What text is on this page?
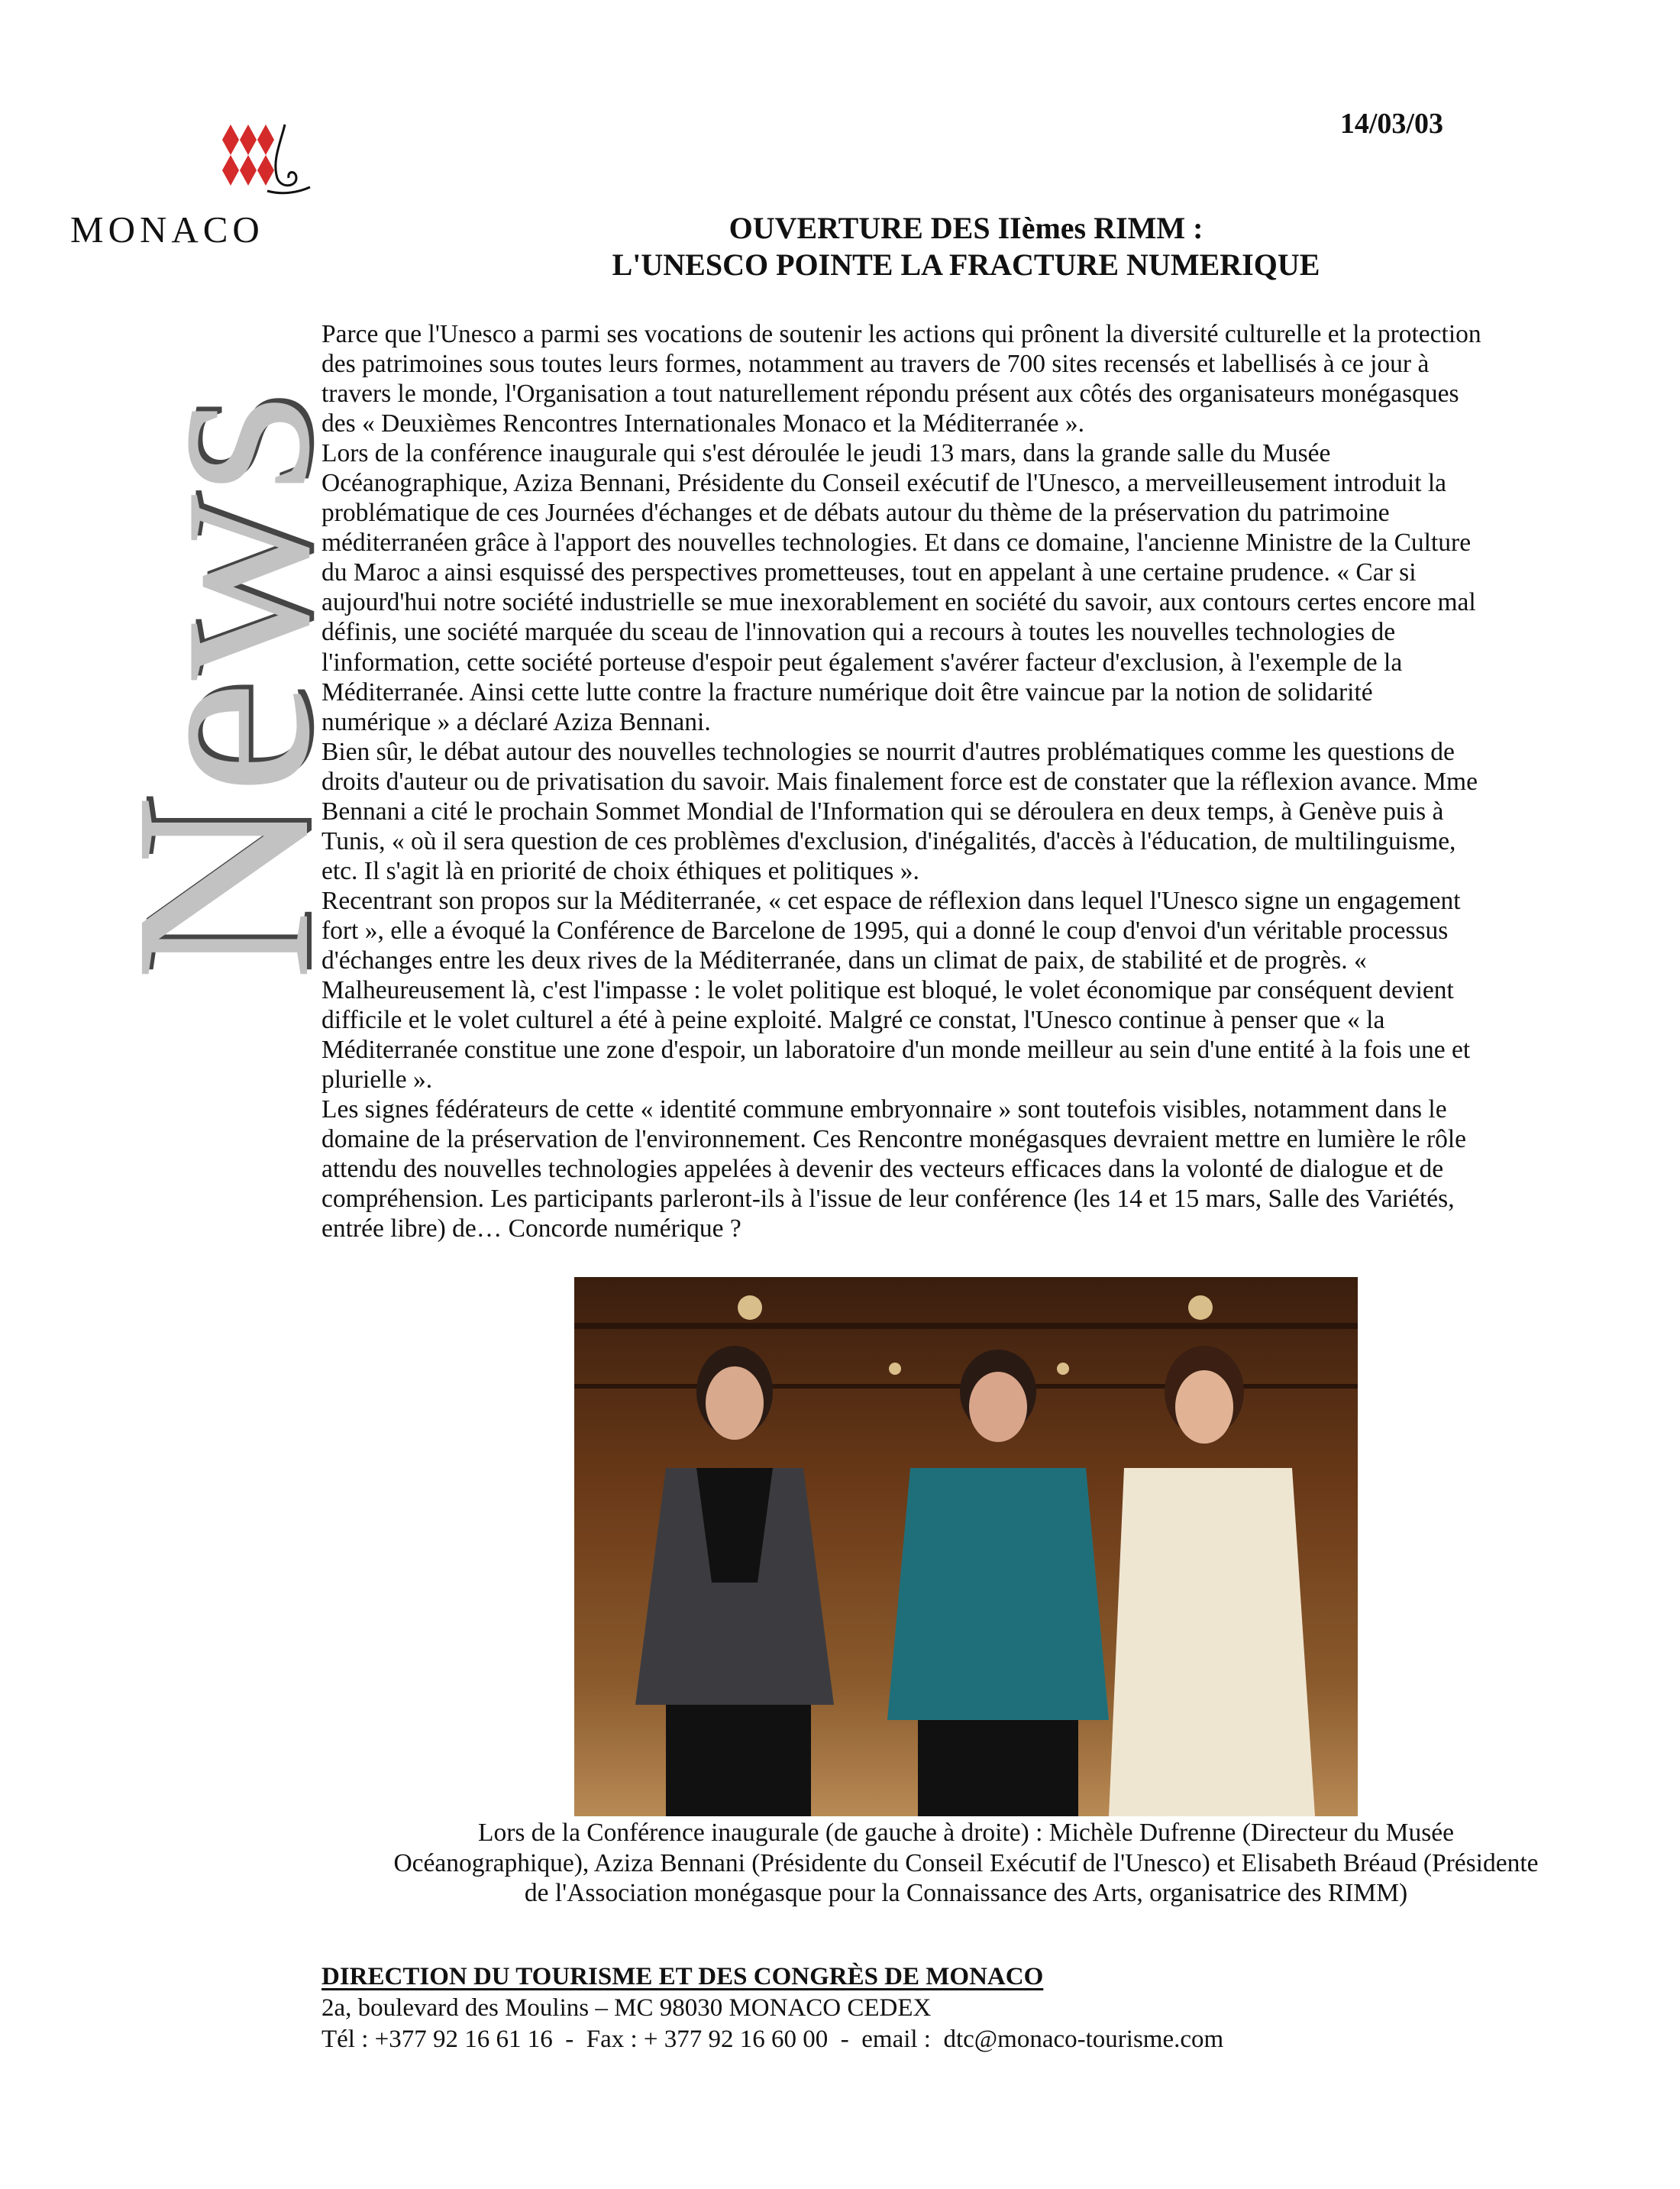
MONACO
14/03/03
News
OUVERTURE DES IIèmes RIMM :
L'UNESCO POINTE LA FRACTURE NUMERIQUE
Parce que l'Unesco a parmi ses vocations de soutenir les actions qui prônent la diversité culturelle et la protection
des patrimoines sous toutes leurs formes, notamment au travers de 700 sites recensés et labellisés à ce jour à
travers le monde, l'Organisation a tout naturellement répondu présent aux côtés des organisateurs monégasques
des « Deuxièmes Rencontres Internationales Monaco et la Méditerranée ».
Lors de la conférence inaugurale qui s'est déroulée le jeudi 13 mars, dans la grande salle du Musée
Océanographique, Aziza Bennani, Présidente du Conseil exécutif de l'Unesco, a merveilleusement introduit la
problématique de ces Journées d'échanges et de débats autour du thème de la préservation du patrimoine
méditerranéen grâce à l'apport des nouvelles technologies. Et dans ce domaine, l'ancienne Ministre de la Culture
du Maroc a ainsi esquissé des perspectives prometteuses, tout en appelant à une certaine prudence. « Car si
aujourd'hui notre société industrielle se mue inexorablement en société du savoir, aux contours certes encore mal
définis, une société marquée du sceau de l'innovation qui a recours à toutes les nouvelles technologies de
l'information, cette société porteuse d'espoir peut également s'avérer facteur d'exclusion, à l'exemple de la
Méditerranée. Ainsi cette lutte contre la fracture numérique doit être vaincue par la notion de solidarité
numérique » a déclaré Aziza Bennani.
Bien sûr, le débat autour des nouvelles technologies se nourrit d'autres problématiques comme les questions de
droits d'auteur ou de privatisation du savoir. Mais finalement force est de constater que la réflexion avance. Mme
Bennani a cité le prochain Sommet Mondial de l'Information qui se déroulera en deux temps, à Genève puis à
Tunis, « où il sera question de ces problèmes d'exclusion, d'inégalités, d'accès à l'éducation, de multilinguisme,
etc. Il s'agit là en priorité de choix éthiques et politiques ».
Recentrant son propos sur la Méditerranée, « cet espace de réflexion dans lequel l'Unesco signe un engagement
fort », elle a évoqué la Conférence de Barcelone de 1995, qui a donné le coup d'envoi d'un véritable processus
d'échanges entre les deux rives de la Méditerranée, dans un climat de paix, de stabilité et de progrès. «
Malheureusement là, c'est l'impasse : le volet politique est bloqué, le volet économique par conséquent devient
difficile et le volet culturel a été à peine exploité. Malgré ce constat, l'Unesco continue à penser que « la
Méditerranée constitue une zone d'espoir, un laboratoire d'un monde meilleur au sein d'une entité à la fois une et
plurielle ».
Les signes fédérateurs de cette « identité commune embryonnaire » sont toutefois visibles, notamment dans le
domaine de la préservation de l'environnement. Ces Rencontre monégasques devraient mettre en lumière le rôle
attendu des nouvelles technologies appelées à devenir des vecteurs efficaces dans la volonté de dialogue et de
compréhension. Les participants parleront-ils à l'issue de leur conférence (les 14 et 15 mars, Salle des Variétés,
entrée libre) de… Concorde numérique ?
Lors de la Conférence inaugurale (de gauche à droite) : Michèle Dufrenne (Directeur du Musée
Océanographique), Aziza Bennani (Présidente du Conseil Exécutif de l'Unesco) et Elisabeth Bréaud (Présidente
de l'Association monégasque pour la Connaissance des Arts, organisatrice des RIMM)
DIRECTION DU TOURISME ET DES CONGRÈS DE MONACO
2a, boulevard des Moulins – MC 98030 MONACO CEDEX
Tél : +377 92 16 61 16  -  Fax : + 377 92 16 60 00  -  email :  dtc@monaco-tourisme.com
